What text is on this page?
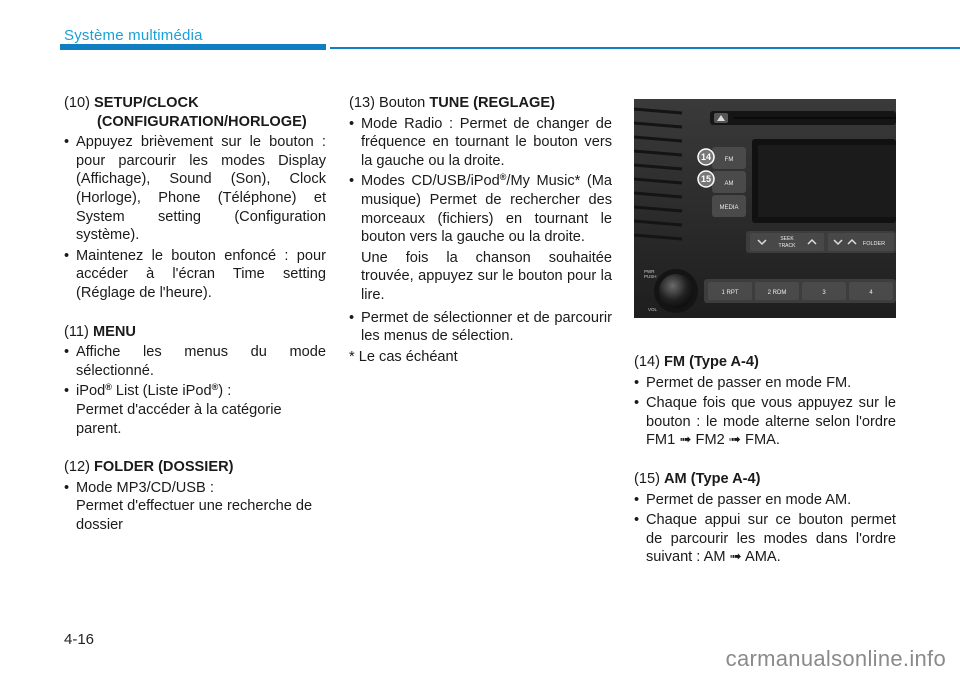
Système multimédia

(10) SETUP/CLOCK

(CONFIGURATION/HORLOGE)

• Appuyez brièvement sur le bouton : pour parcourir les modes Display (Affichage), Sound (Son), Clock (Horloge), Phone (Téléphone) et System setting (Configuration système).
• Maintenez le bouton enfoncé : pour accéder à l'écran Time setting (Réglage de l'heure).

(11) MENU

• Affiche les menus du mode sélectionné.
• iPod® List (Liste iPod®) :
Permet d'accéder à la catégorie parent.

(12) FOLDER (DOSSIER)

• Mode MP3/CD/USB :
Permet d'effectuer une recherche de dossier

(13) Bouton TUNE (REGLAGE)

• Mode Radio : Permet de changer de fréquence en tournant le bouton vers la gauche ou la droite.
• Modes CD/USB/iPod®/My Music* (Ma musique) Permet de rechercher des morceaux (fichiers) en tournant le bouton vers la gauche ou la droite.

Une fois la chanson souhaitée trouvée, appuyez sur le bouton pour la lire.

• Permet de sélectionner et de parcourir les menus de sélection.

* Le cas échéant

FM
AM
MEDIA
14
15
SEEK
TRACK	FOLDER
PWR
PUSH
VOL
1 RPT	2 RDM	3	4

(14) FM (Type A-4)

• Permet de passer en mode FM.
• Chaque fois que vous appuyez sur le bouton : le mode alterne selon l'ordre FM1 ➟ FM2 ➟ FMA.

(15) AM (Type A-4)

• Permet de passer en mode AM.
• Chaque appui sur ce bouton permet de parcourir les modes dans l'ordre suivant : AM ➟ AMA.
4-16
carmanualsonline.info
